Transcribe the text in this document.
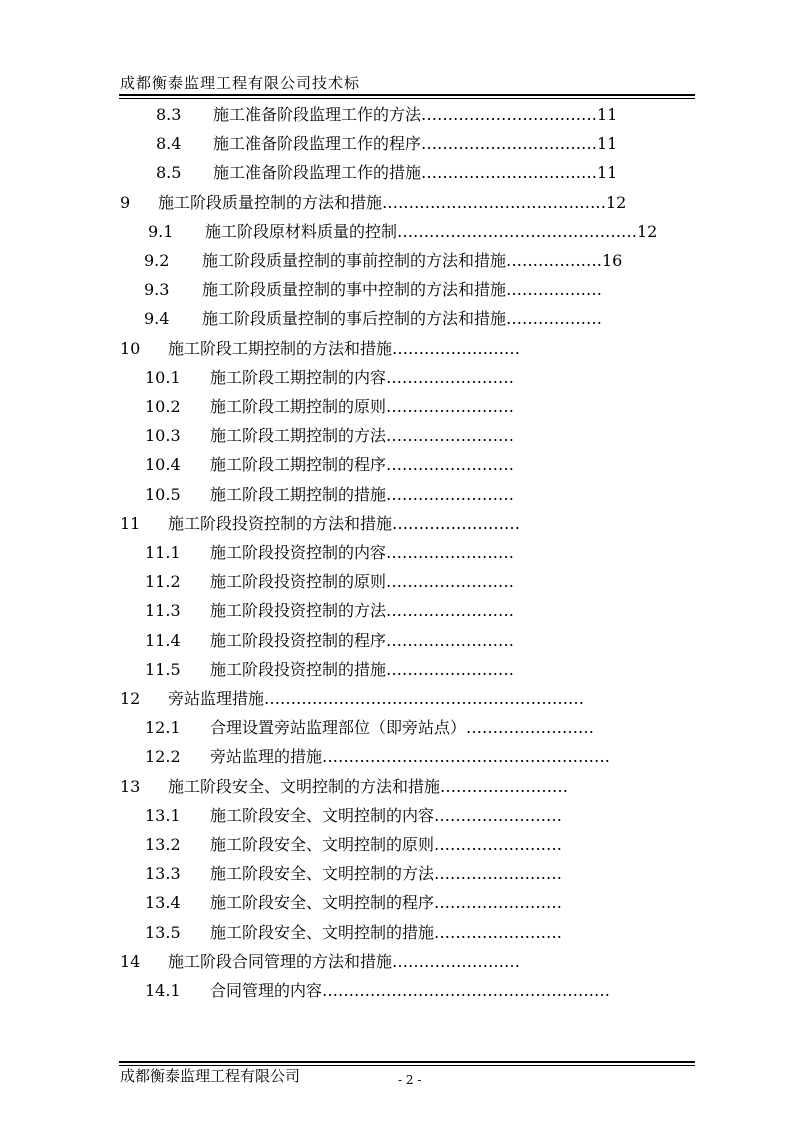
成都衡泰监理工程有限公司技术标
8.3 施工准备阶段监理工作的方法……………………………11
8.4 施工准备阶段监理工作的程序……………………………11
8.5 施工准备阶段监理工作的措施……………………………11
9 施工阶段质量控制的方法和措施……………………………………12
9.1 施工阶段原材料质量的控制………………………………………12
9.2 施工阶段质量控制的事前控制的方法和措施………………16
9.3 施工阶段质量控制的事中控制的方法和措施………………
9.4 施工阶段质量控制的事后控制的方法和措施………………
10 施工阶段工期控制的方法和措施……………………
10.1 施工阶段工期控制的内容……………………
10.2 施工阶段工期控制的原则……………………
10.3 施工阶段工期控制的方法……………………
10.4 施工阶段工期控制的程序……………………
10.5 施工阶段工期控制的措施……………………
11 施工阶段投资控制的方法和措施……………………
11.1 施工阶段投资控制的内容……………………
11.2 施工阶段投资控制的原则……………………
11.3 施工阶段投资控制的方法……………………
11.4 施工阶段投资控制的程序……………………
11.5 施工阶段投资控制的措施……………………
12 旁站监理措施……………………………………………………
12.1 合理设置旁站监理部位（即旁站点）……………………
12.2 旁站监理的措施………………………………………………
13 施工阶段安全、文明控制的方法和措施……………………
13.1 施工阶段安全、文明控制的内容……………………
13.2 施工阶段安全、文明控制的原则……………………
13.3 施工阶段安全、文明控制的方法……………………
13.4 施工阶段安全、文明控制的程序……………………
13.5 施工阶段安全、文明控制的措施……………………
14 施工阶段合同管理的方法和措施……………………
14.1 合同管理的内容………………………………………………
成都衡泰监理工程有限公司	- 2 -
